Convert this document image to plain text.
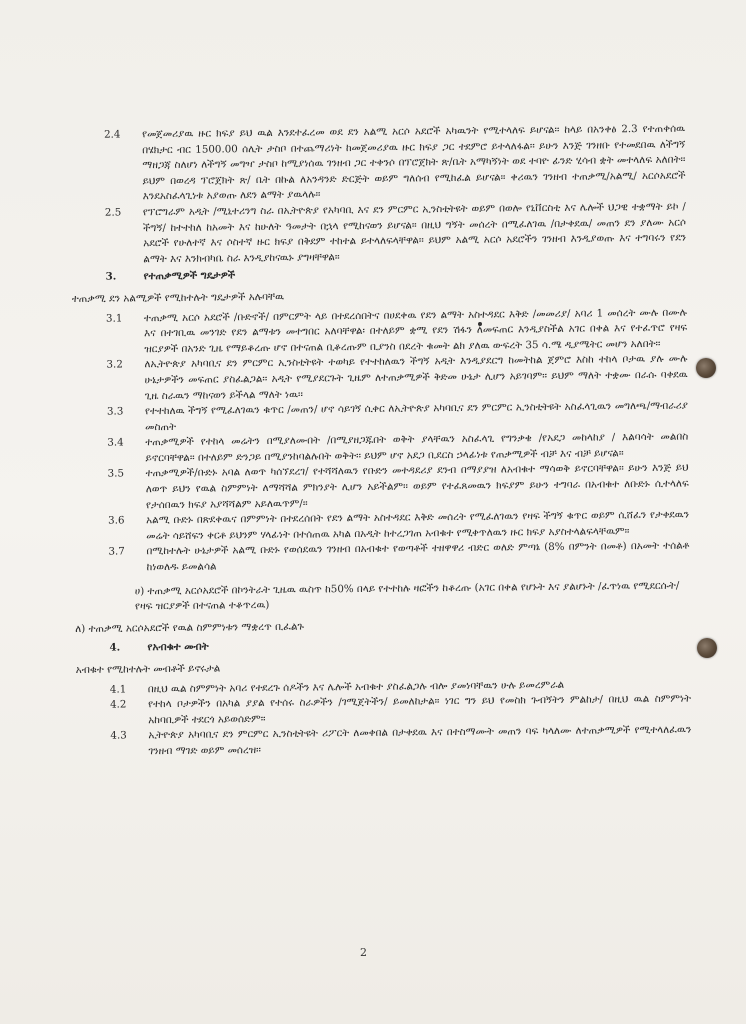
2.4	የመጀመሪያዉ ዙር ክፍያ ይህ ዉል እንደተፈረመ ወደ ደን አልሚ አርሶ አደሮች አካዉንት የሚተላለፍ ይሆናል፡፡ ከላይ በአንቀፅ 2.3 የተጠቀሰዉ በሄክታር ብር 1500.00 ሰሊት ታስቦ በተጨማሪነት ከመጀመሪያዉ ዙር ክፍያ ጋር ተደምሮ ይተላለፋል፡፡ ይሁን እንጅ ገንዘቡ የተመደበዉ ለችግኝ ማዘጋጃ ስለሆነ ለችግኝ መግዣ ታስቦ ከሚያነሰዉ ገንዘብ ጋር ተቀንሶ በፕሮጀክት ጽ/ቤት አማካኝነት ወደ ተባዮ ፊንድ ሂሳብ ቋት መተላለፍ አለበት፡፡ ይህም በወረዳ ፕሮጀክት ጽ/ ቤት በኩል ለአንዳንድ ድርጅት ወይም ግለሰብ የሚከፈል ይሆናል፡፡ ቀሪዉን ገንዘብ ተጠቃሚ/አልሚ/ አርሶአደሮች እንደአስፈላጊነቱ አያወጡ ለደን ልማት ያዉላሉ፡፡
2.5	የፕሮግራም አዲት /ሚኒተሪንግ ስራ በኢትዮጵያ የአካባቢ እና ደን ምርምር ኢንስቲትዩት ወይም በወሎ የኒቨርስቲ እና ሌሎች ህጋዊ ተቋማት ይኮ /ችግኝ/ ከተተከለ ከአመት እና ከሁለት ዓመታት በኋላ የሚከናወን ይሆናል፡፡ በዚህ ግኝት መሰረት በሚፈለገዉ /በታቀደዉ/ መጠን ደን ያለሙ አርሶ አደሮች የሁለተኛ እና ሶስተኛ ዙር ክፍያ በቅደም ተከተል ይተላለፍላቸዋል፡፡ ይህም አልሚ አርሶ አደሮችን ገንዘብ እንዲያወጡ እና ተግባሩን የደን ልማት እና እንክብካቤ ስራ እንዲያከናዉኑ ያግዛቸዋል፡፡
3.	የተጠቃሚዎች ግዴታዎች
ተጠቃሚ ደን አልሚዎች የሚከተሉት ግዴታዎች አሉባቸዉ
3.1	ተጠቃሚ አርሶ አደሮች /ቡድኖች/ በምርምት ላይ በተደረሰበትና በሀደቀዉ የደን ልማት አስተዳደር እቅድ /መመሪያ/ አባሪ 1 መሰረት ሙሉ በሙሉ እና በተገቢዉ መንገድ የደን ልማቱን መተግበር አለባቸዋል፡ በተለይም ቋሚ የደን ሽፋን ለመፍጠር እንዲያስችል አገር በቀል እና የተፈጥሮ የዛፍ ዝርያዎች በአንድ ጊዜ የማይቆረጡ ሆኖ በተናጠል ቢቆረጡም ቢያንስ በደረት ቁመት ልክ ያለዉ ውፍረት 35 ሳ.ሜ ዲያሜትር መሆን አለበት፡፡
3.2	ለኢትዮጵያ አካባቢና ደን ምርምር ኢንስቲትዩት ተወካይ የተተከለዉን ችግኝ አዲት እንዲያደርግ ከመትከል ጀምሮ እስከ ተከላ ቦታዉ ያሉ ሙሉ ሁኔታዎችን መፍጠር ያስፈልጋል፡፡ አዲት የሚያደርጉት ጊዜም ለተጠቃሚዎች ቅድመ ሁኔታ ሊሆን አይገባም፡፡ ይህም ማለት ተቋሙ በራሱ ባቀደዉ ጊዜ ስራዉን ማከናወን ይችላል ማለት ነዉ፡፡
3.3	የተተከለዉ ችግኝ የሚፈለገዉን ቁጥር /መጠን/ ሆኖ ሳይገኝ ሲቀር ለኢትዮጵያ አካባቢና ደን ምርምር ኢንስቲትዩት አስፈላጊዉን መግለጫ/ማብራሪያ መስጠት
3.4	ተጠቃሚዎች የተከላ መሬትን በሚያለሙበት /በሚያዘጋጁበት ወቅት ያላቸዉን አስፈላጊ የግንቃቄ /የአደጋ መከላከያ / እልባሳት መልበስ ይኖርባቸዋል፡፡ በተለይም ድንጋይ በሚያንከባልሉበት ወቅት፡፡ ይህም ሆኖ አደጋ ቢደርስ ኃላፊነቱ የጠቃሚዎች ብቻ እና ብቻ ይሆናል፡፡
3.5	ተጠቃሚዎች/ቡድኑ አባል ለወጥ ካሰኘደረገ/ የተሻሻለዉን የቡድን መተዳደሪያ ደንብ በማያያዝ ለአብቁተ ማሳወቅ ይኖርባቸዋል፡፡ ይሁን እንጅ ይህ ለወጥ ይህን የዉል ስምምነት ለማሻሻል ምክንያት ሊሆን አይችልም፡፡ ወይም የተፈጸመዉን ክፍያም ይሁን ተግባራ በአብቁተ ለቡድኑ ሲተላለፍ የታሰበዉን ክፍያ አያሻሻልም አይለዉጥም/፡፡
3.6	አልሚ ቡድኑ በጽደቀዉና በምምነት በተደረሰበት የደን ልማት አስተዳደር እቅድ መሰረት የሚፈለገዉን የዛፍ ችግኝ ቁጥር ወይም ሲሸፈን የታቀደዉን መሬት ሳይሸፍን ቀርቶ ይህንም ሃላፊነት በተሰጠዉ አካል በአዲት ከተረጋገጠ አብቁተ የሚቀጥለዉን ዙር ክፍያ አያስተላልፍላቸዉም፡፡
3.7	በሚከተሉት ሁኔታዎች አልሚ ቡድኑ የወሰደዉን ገንዘብ በአብቁተ የወጣቶች ተዘዋዋሪ ብድር ወለድ ምጣኔ (8% በምንት በመቶ) በአመት ተሰልቶ ከነወለዱ ይመልሳል
ሀ) ተጠቃሚ አርሶአደሮች በኮንትራት ጊዜዉ ዉስጥ ከ50% በላይ የተተከሉ ዛፎችን ከቆረጡ (አገር በቀል የሆኑት እና ያልሆኑት /ፈጥነዉ የሚደርሱት/ የዛፍ ዝርያዎች በተናጠል ተቆጥረዉ)
ለ) ተጠቃሚ አርሶአደሮች የዉል ስምምነቱን ማቋረጥ ቢፈልጉ
4.	የአብቁተ መብት
አብቁተ የሚከተሉት መብቶች ይኖሩታል
4.1	በዚህ ዉል ስምምነት አባሪ የተደረጉ ሰዶችን እና ሌሎች አብቁተ ያስፈልጋሉ ብሎ ያመነባቸዉን ሁሉ ይመረምራል
4.2	የተከላ ቦታዎችን በአካል ያያል የተሰሩ ስራዎችን /ገሚጀትችን/ ይመለከታል፡፡ ነገር ግን ይህ የመስክ ጉብኝትን ምልከታ/ በዚህ ዉል ስምምነት አከባቢዎች ተደርጎ አይወሰድም፡፡
4.3	ኢትዮጵያ አካባቢና ደን ምርምር ኢንስቲትዩት ሪፖርት ለመቀበል በታቀደዉ እና በተስማሙት መጠን ባፍ ካላለሙ ለተጠቃሚዎች የሚተላለፈዉን ገንዘብ ማገድ ወይም መሰረዝ፡፡
2
